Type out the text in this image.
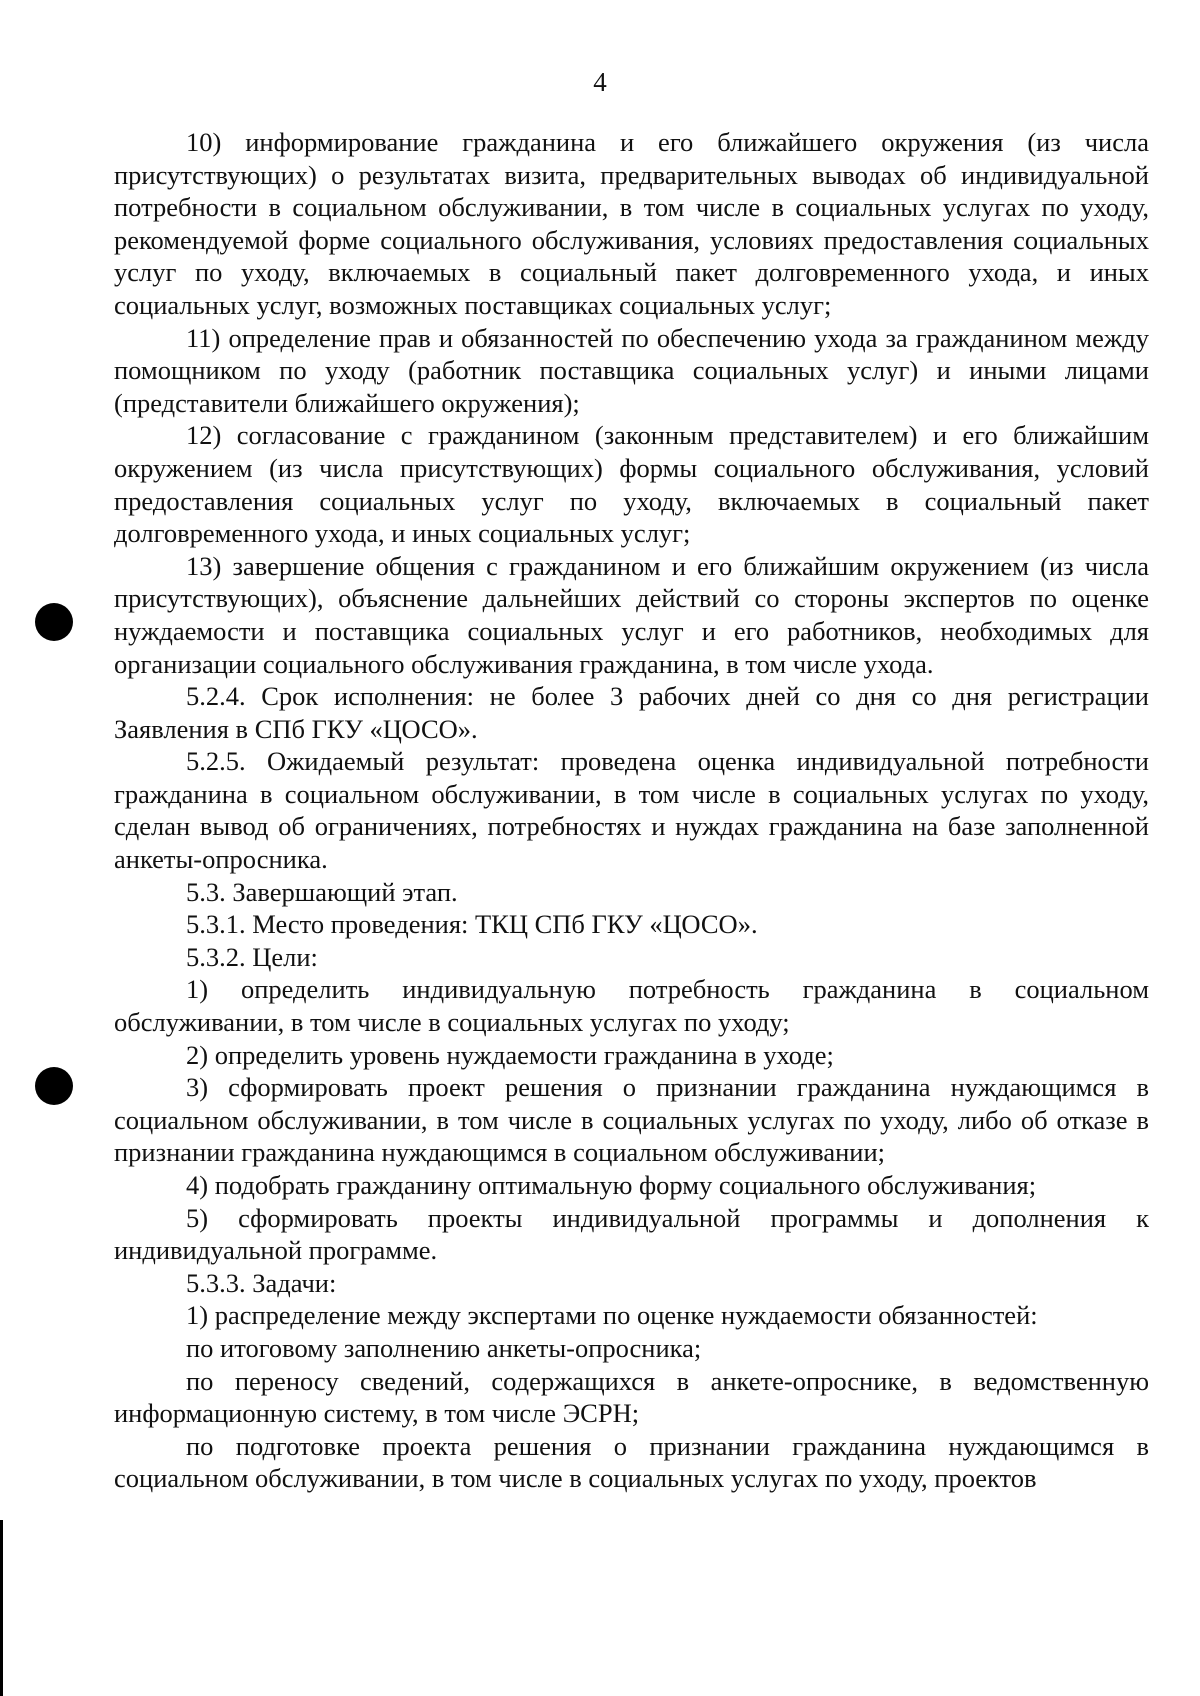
4

10) информирование гражданина и его ближайшего окружения (из числа присутствующих) о результатах визита, предварительных выводах об индивидуальной потребности в социальном обслуживании, в том числе в социальных услугах по уходу, рекомендуемой форме социального обслуживания, условиях предоставления социальных услуг по уходу, включаемых в социальный пакет долговременного ухода, и иных социальных услуг, возможных поставщиках социальных услуг;

11) определение прав и обязанностей по обеспечению ухода за гражданином между помощником по уходу (работник поставщика социальных услуг) и иными лицами (представители ближайшего окружения);

12) согласование с гражданином (законным представителем) и его ближайшим окружением (из числа присутствующих) формы социального обслуживания, условий предоставления социальных услуг по уходу, включаемых в социальный пакет долговременного ухода, и иных социальных услуг;

13) завершение общения с гражданином и его ближайшим окружением (из числа присутствующих), объяснение дальнейших действий со стороны экспертов по оценке нуждаемости и поставщика социальных услуг и его работников, необходимых для организации социального обслуживания гражданина, в том числе ухода.

5.2.4. Срок исполнения: не более 3 рабочих дней со дня со дня регистрации Заявления в СПб ГКУ «ЦОСО».

5.2.5. Ожидаемый результат: проведена оценка индивидуальной потребности гражданина в социальном обслуживании, в том числе в социальных услугах по уходу, сделан вывод об ограничениях, потребностях и нуждах гражданина на базе заполненной анкеты-опросника.

5.3. Завершающий этап.

5.3.1. Место проведения: ТКЦ СПб ГКУ «ЦОСО».

5.3.2. Цели:

1) определить индивидуальную потребность гражданина в социальном обслуживании, в том числе в социальных услугах по уходу;

2) определить уровень нуждаемости гражданина в уходе;

3) сформировать проект решения о признании гражданина нуждающимся в социальном обслуживании, в том числе в социальных услугах по уходу, либо об отказе в признании гражданина нуждающимся в социальном обслуживании;

4) подобрать гражданину оптимальную форму социального обслуживания;

5) сформировать проекты индивидуальной программы и дополнения к индивидуальной программе.

5.3.3. Задачи:

1) распределение между экспертами по оценке нуждаемости обязанностей:

по итоговому заполнению анкеты-опросника;

по переносу сведений, содержащихся в анкете-опроснике, в ведомственную информационную систему, в том числе ЭСРН;

по подготовке проекта решения о признании гражданина нуждающимся в социальном обслуживании, в том числе в социальных услугах по уходу, проектов
